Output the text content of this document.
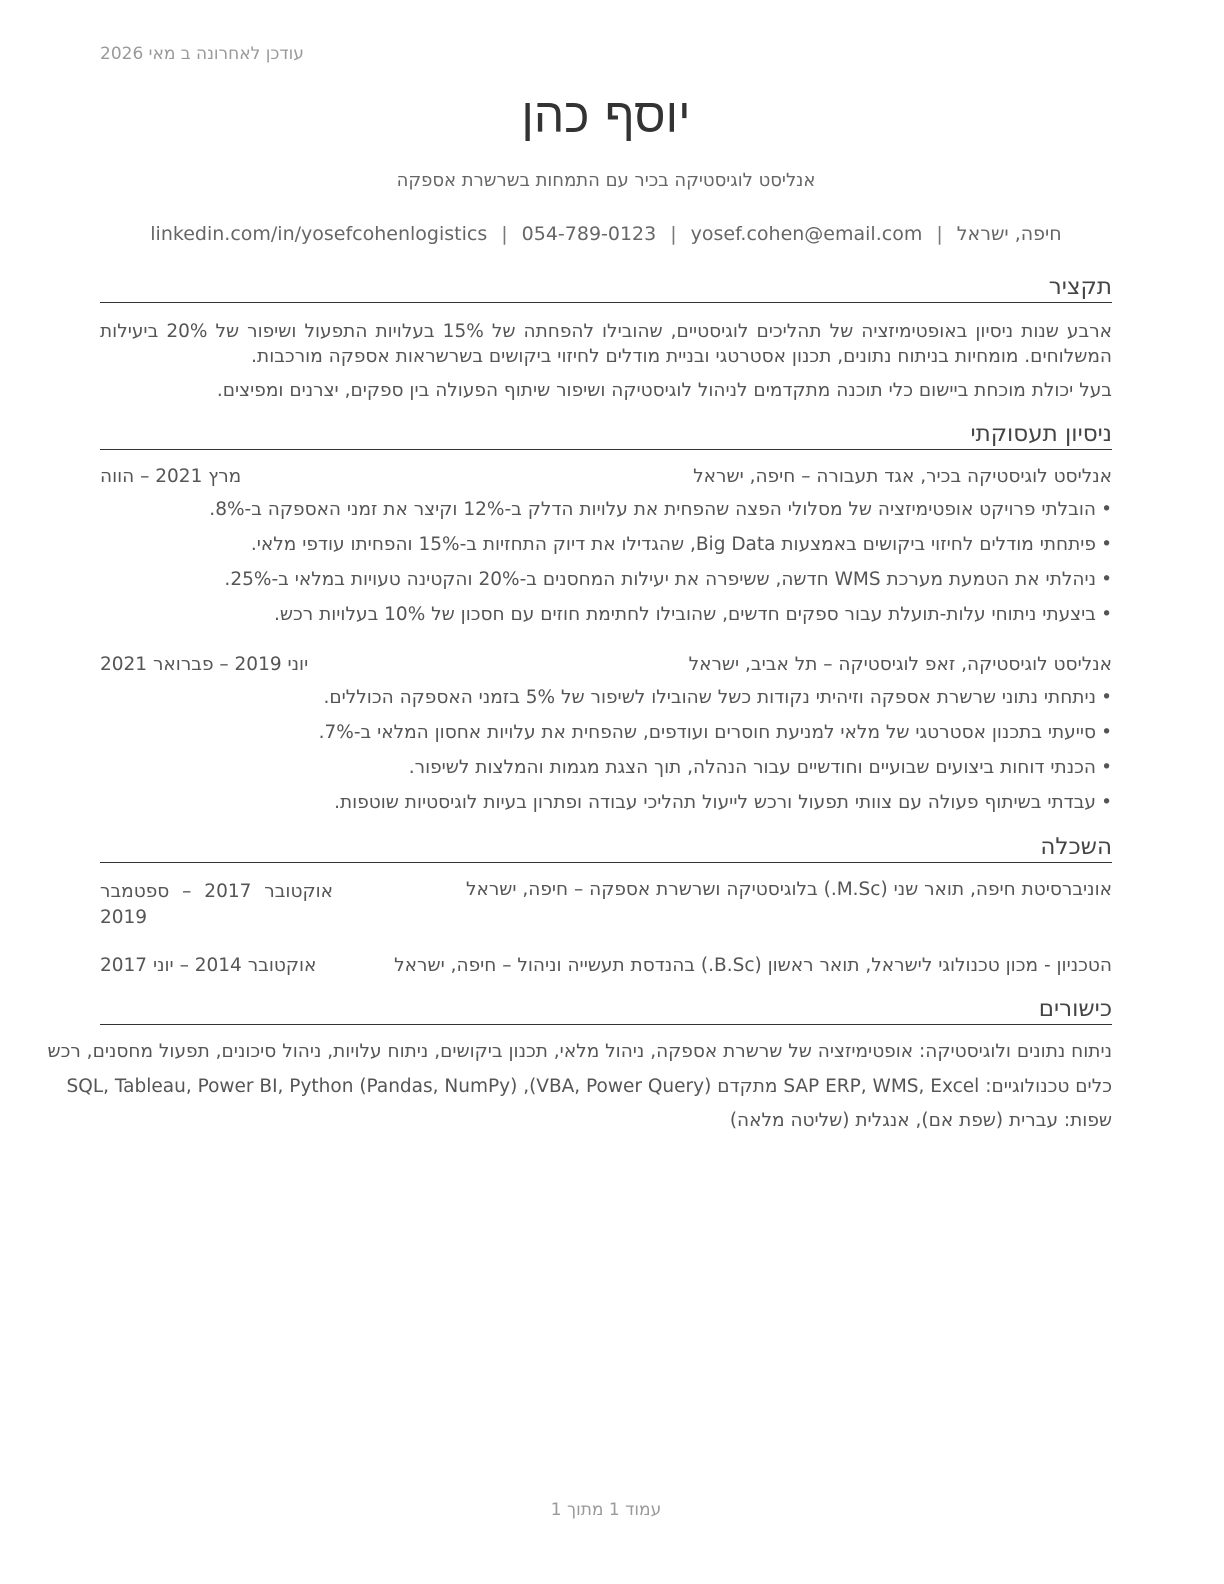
עודכן לאחרונה ב מאי 2026
יוסף כהן
אנליסט לוגיסטיקה בכיר עם התמחות בשרשרת אספקה
חיפה, ישראל|yosef.cohen@email.com|054-789-0123|linkedin.com/in/yosefcohenlogistics
תקציר
ארבע שנות ניסיון באופטימיזציה של תהליכים לוגיסטיים, שהובילו להפחתה של 15% בעלויות התפעול ושיפור של 20% ביעילות המשלוחים. מומחיות בניתוח נתונים, תכנון אסטרטגי ובניית מודלים לחיזוי ביקושים בשרשראות אספקה מורכבות.
בעל יכולת מוכחת ביישום כלי תוכנה מתקדמים לניהול לוגיסטיקה ושיפור שיתוף הפעולה בין ספקים, יצרנים ומפיצים.
ניסיון תעסוקתי
אנליסט לוגיסטיקה בכיר, אגד תעבורה – חיפה, ישראל
מרץ 2021 – הווה
•
הובלתי פרויקט אופטימיזציה של מסלולי הפצה שהפחית את עלויות הדלק ב-12% וקיצר את זמני האספקה ב-8%.
•
פיתחתי מודלים לחיזוי ביקושים באמצעות Big Data, שהגדילו את דיוק התחזיות ב-15% והפחיתו עודפי מלאי.
•
ניהלתי את הטמעת מערכת WMS חדשה, ששיפרה את יעילות המחסנים ב-20% והקטינה טעויות במלאי ב-25%.
•
ביצעתי ניתוחי עלות-תועלת עבור ספקים חדשים, שהובילו לחתימת חוזים עם חסכון של 10% בעלויות רכש.
אנליסט לוגיסטיקה, זאפ לוגיסטיקה – תל אביב, ישראל
יוני 2019 – פברואר 2021
•
ניתחתי נתוני שרשרת אספקה וזיהיתי נקודות כשל שהובילו לשיפור של 5% בזמני האספקה הכוללים.
•
סייעתי בתכנון אסטרטגי של מלאי למניעת חוסרים ועודפים, שהפחית את עלויות אחסון המלאי ב-7%.
•
הכנתי דוחות ביצועים שבועיים וחודשיים עבור הנהלה, תוך הצגת מגמות והמלצות לשיפור.
•
עבדתי בשיתוף פעולה עם צוותי תפעול ורכש לייעול תהליכי עבודה ופתרון בעיות לוגיסטיות שוטפות.
השכלה
אוניברסיטת חיפה, תואר שני (M.Sc.) בלוגיסטיקה ושרשרת אספקה – חיפה, ישראל
אוקטובר 2017 – ספטמבר 2019
הטכניון - מכון טכנולוגי לישראל, תואר ראשון (B.Sc.) בהנדסת תעשייה וניהול – חיפה, ישראל
אוקטובר 2014 – יוני 2017
כישורים
ניתוח נתונים ולוגיסטיקה: אופטימיזציה של שרשרת אספקה, ניהול מלאי, תכנון ביקושים, ניתוח עלויות, ניהול סיכונים, תפעול מחסנים, רכש
כלים טכנולוגיים: SAP ERP, WMS, Excel מתקדם (VBA, Power Query), SQL, Tableau, Power BI, Python (Pandas, NumPy)
שפות: עברית (שפת אם), אנגלית (שליטה מלאה)
עמוד 1 מתוך 1
